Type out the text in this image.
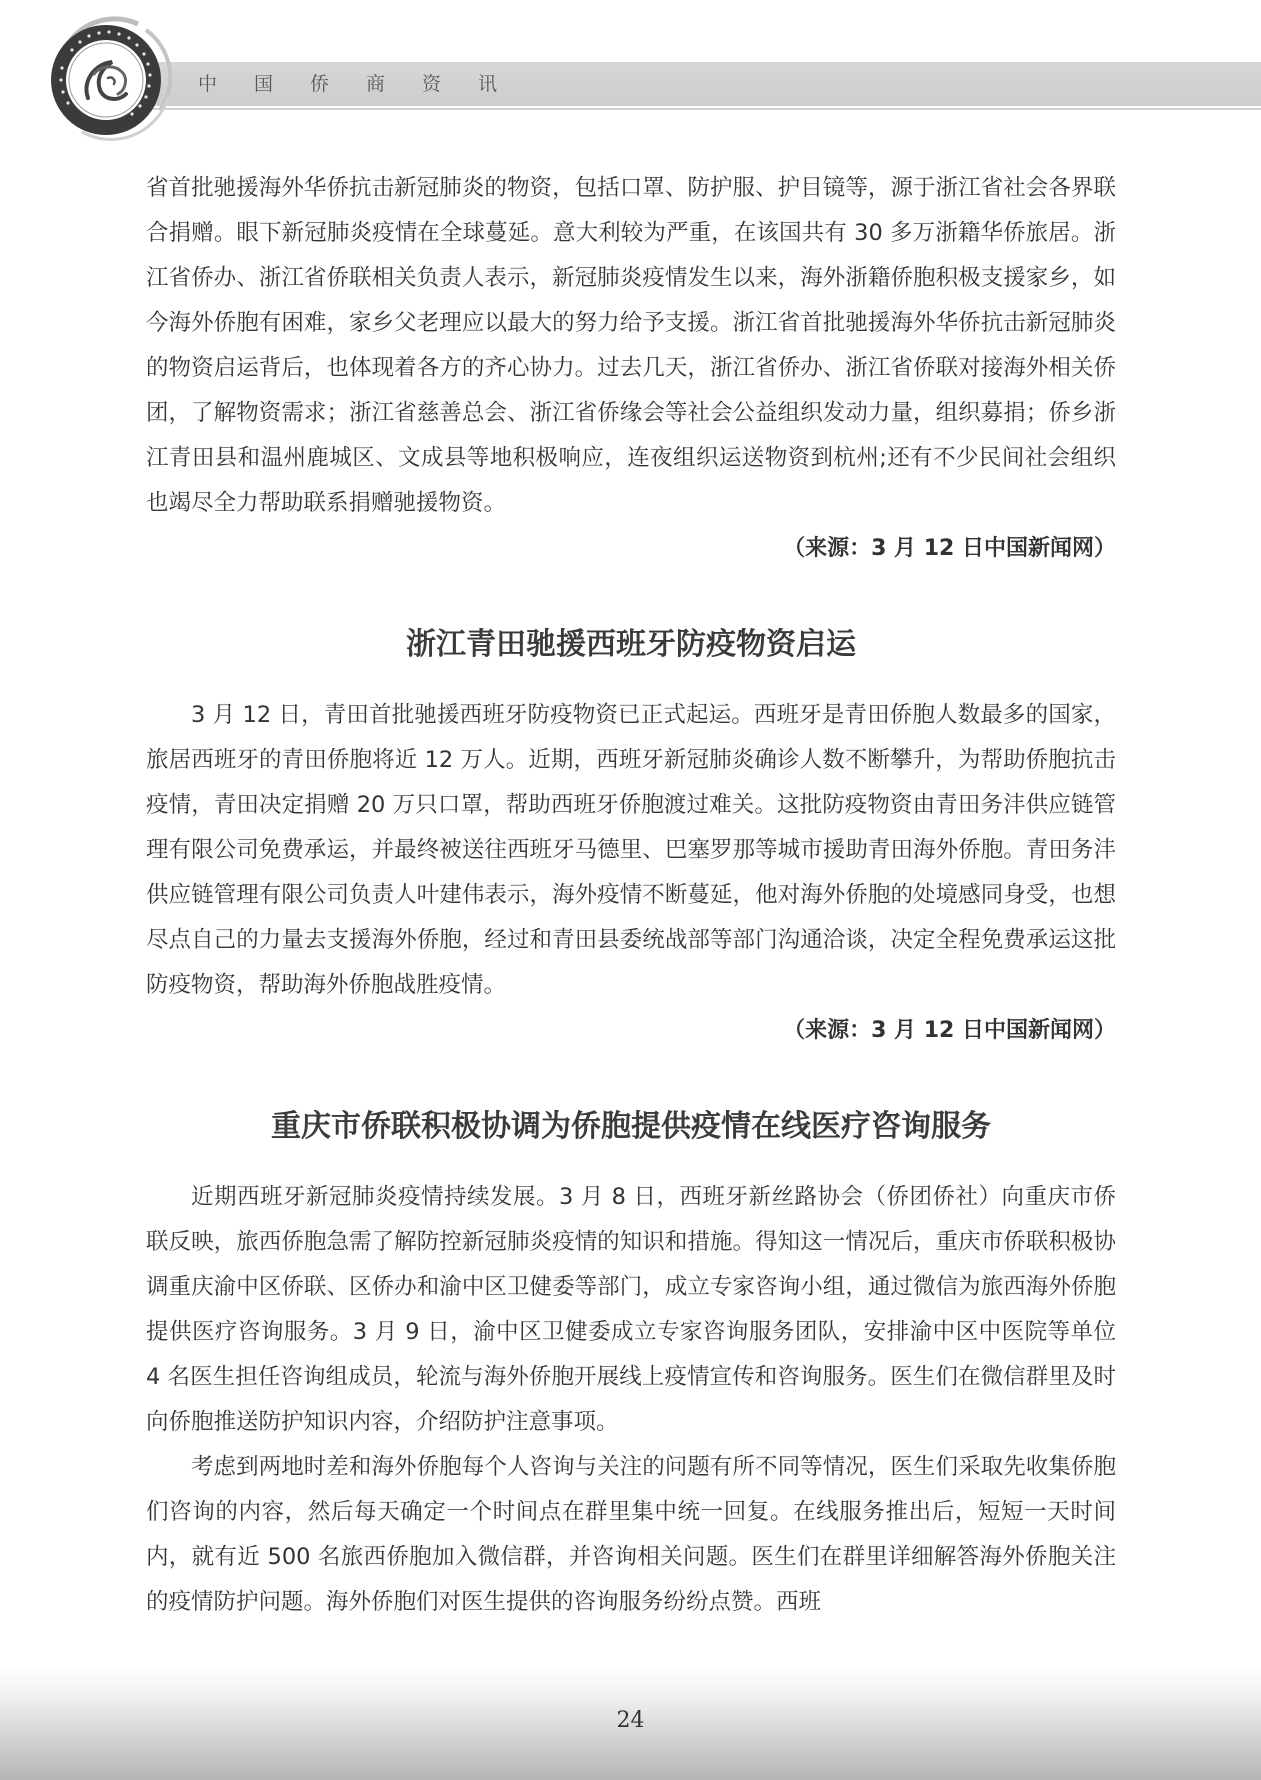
中国侨商资讯

省首批驰援海外华侨抗击新冠肺炎的物资，包括口罩、防护服、护目镜等，源于浙江省社会各界联合捐赠。眼下新冠肺炎疫情在全球蔓延。意大利较为严重，在该国共有 30 多万浙籍华侨旅居。浙江省侨办、浙江省侨联相关负责人表示，新冠肺炎疫情发生以来，海外浙籍侨胞积极支援家乡，如今海外侨胞有困难，家乡父老理应以最大的努力给予支援。浙江省首批驰援海外华侨抗击新冠肺炎的物资启运背后，也体现着各方的齐心协力。过去几天，浙江省侨办、浙江省侨联对接海外相关侨团，了解物资需求；浙江省慈善总会、浙江省侨缘会等社会公益组织发动力量，组织募捐；侨乡浙江青田县和温州鹿城区、文成县等地积极响应，连夜组织运送物资到杭州;还有不少民间社会组织也竭尽全力帮助联系捐赠驰援物资。

（来源：3 月 12 日中国新闻网）

浙江青田驰援西班牙防疫物资启运

3 月 12 日，青田首批驰援西班牙防疫物资已正式起运。西班牙是青田侨胞人数最多的国家，旅居西班牙的青田侨胞将近 12 万人。近期，西班牙新冠肺炎确诊人数不断攀升，为帮助侨胞抗击疫情，青田决定捐赠 20 万只口罩，帮助西班牙侨胞渡过难关。这批防疫物资由青田务沣供应链管理有限公司免费承运，并最终被送往西班牙马德里、巴塞罗那等城市援助青田海外侨胞。青田务沣供应链管理有限公司负责人叶建伟表示，海外疫情不断蔓延，他对海外侨胞的处境感同身受，也想尽点自己的力量去支援海外侨胞，经过和青田县委统战部等部门沟通洽谈，决定全程免费承运这批防疫物资，帮助海外侨胞战胜疫情。

（来源：3 月 12 日中国新闻网）

重庆市侨联积极协调为侨胞提供疫情在线医疗咨询服务

近期西班牙新冠肺炎疫情持续发展。3 月 8 日，西班牙新丝路协会（侨团侨社）向重庆市侨联反映，旅西侨胞急需了解防控新冠肺炎疫情的知识和措施。得知这一情况后，重庆市侨联积极协调重庆渝中区侨联、区侨办和渝中区卫健委等部门，成立专家咨询小组，通过微信为旅西海外侨胞提供医疗咨询服务。3 月 9 日，渝中区卫健委成立专家咨询服务团队，安排渝中区中医院等单位 4 名医生担任咨询组成员，轮流与海外侨胞开展线上疫情宣传和咨询服务。医生们在微信群里及时向侨胞推送防护知识内容，介绍防护注意事项。

考虑到两地时差和海外侨胞每个人咨询与关注的问题有所不同等情况，医生们采取先收集侨胞们咨询的内容，然后每天确定一个时间点在群里集中统一回复。在线服务推出后，短短一天时间内，就有近 500 名旅西侨胞加入微信群，并咨询相关问题。医生们在群里详细解答海外侨胞关注的疫情防护问题。海外侨胞们对医生提供的咨询服务纷纷点赞。西班

24
